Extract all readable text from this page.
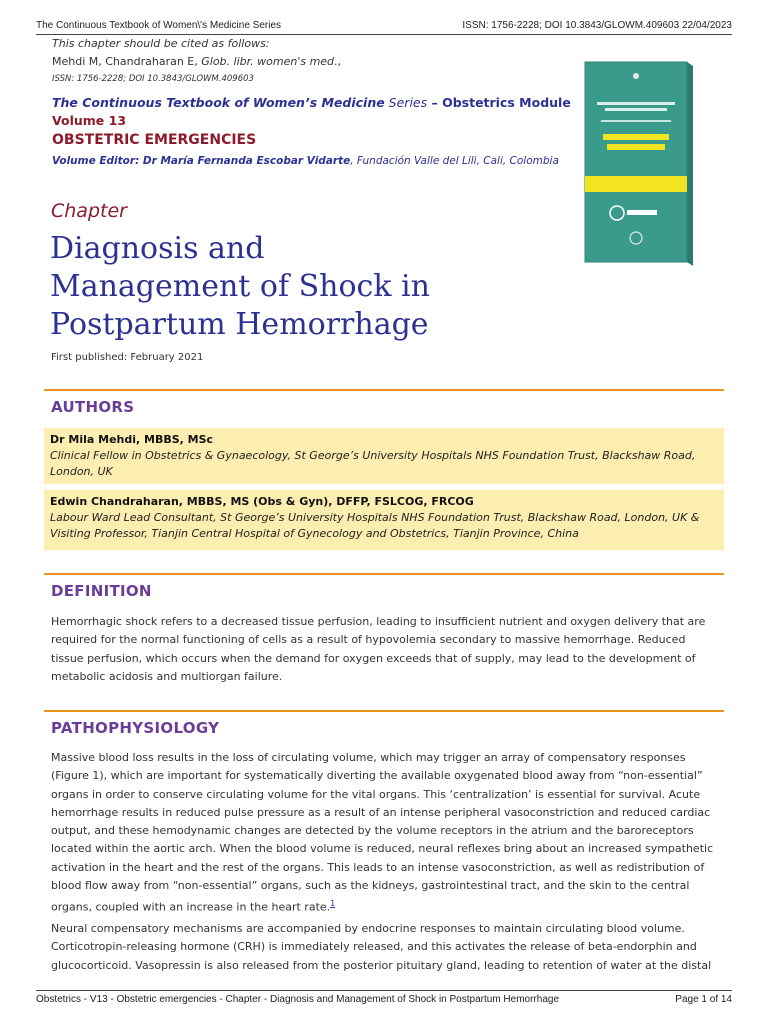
The Continuous Textbook of Women\'s Medicine Series	ISSN: 1756-2228; DOI 10.3843/GLOWM.409603 22/04/2023
This chapter should be cited as follows:
Mehdi M, Chandraharan E, Glob. libr. women's med.,
ISSN: 1756-2228; DOI 10.3843/GLOWM.409603
The Continuous Textbook of Women’s Medicine Series – Obstetrics Module
Volume 13
OBSTETRIC EMERGENCIES
Volume Editor: Dr María Fernanda Escobar Vidarte, Fundación Valle del Lili, Cali, Colombia
Chapter
Diagnosis and
Management of Shock in
Postpartum Hemorrhage
First published: February 2021
AUTHORS
Dr Mila Mehdi, MBBS, MSc
Clinical Fellow in Obstetrics & Gynaecology, St George’s University Hospitals NHS Foundation Trust, Blackshaw Road, London, UK
Edwin Chandraharan, MBBS, MS (Obs & Gyn), DFFP, FSLCOG, FRCOG
Labour Ward Lead Consultant, St George’s University Hospitals NHS Foundation Trust, Blackshaw Road, London, UK & Visiting Professor, Tianjin Central Hospital of Gynecology and Obstetrics, Tianjin Province, China
DEFINITION

Hemorrhagic shock refers to a decreased tissue perfusion, leading to insufficient nutrient and oxygen delivery that are required for the normal functioning of cells as a result of hypovolemia secondary to massive hemorrhage. Reduced tissue perfusion, which occurs when the demand for oxygen exceeds that of supply, may lead to the development of metabolic acidosis and multiorgan failure.

PATHOPHYSIOLOGY

Massive blood loss results in the loss of circulating volume, which may trigger an array of compensatory responses (Figure 1), which are important for systematically diverting the available oxygenated blood away from “non-essential” organs in order to conserve circulating volume for the vital organs. This ‘centralization’ is essential for survival. Acute hemorrhage results in reduced pulse pressure as a result of an intense peripheral vasoconstriction and reduced cardiac output, and these hemodynamic changes are detected by the volume receptors in the atrium and the baroreceptors located within the aortic arch. When the blood volume is reduced, neural reflexes bring about an increased sympathetic activation in the heart and the rest of the organs. This leads to an intense vasoconstriction, as well as redistribution of blood flow away from “non-essential” organs, such as the kidneys, gastrointestinal tract, and the skin to the central organs, coupled with an increase in the heart rate.$^1$

Neural compensatory mechanisms are accompanied by endocrine responses to maintain circulating blood volume. Corticotropin-releasing hormone (CRH) is immediately released, and this activates the release of beta-endorphin and glucocorticoid. Vasopressin is also released from the posterior pituitary gland, leading to retention of water at the distal

Obstetrics - V13 - Obstetric emergencies - Chapter - Diagnosis and Management of Shock in Postpartum Hemorrhage	Page 1 of 14
